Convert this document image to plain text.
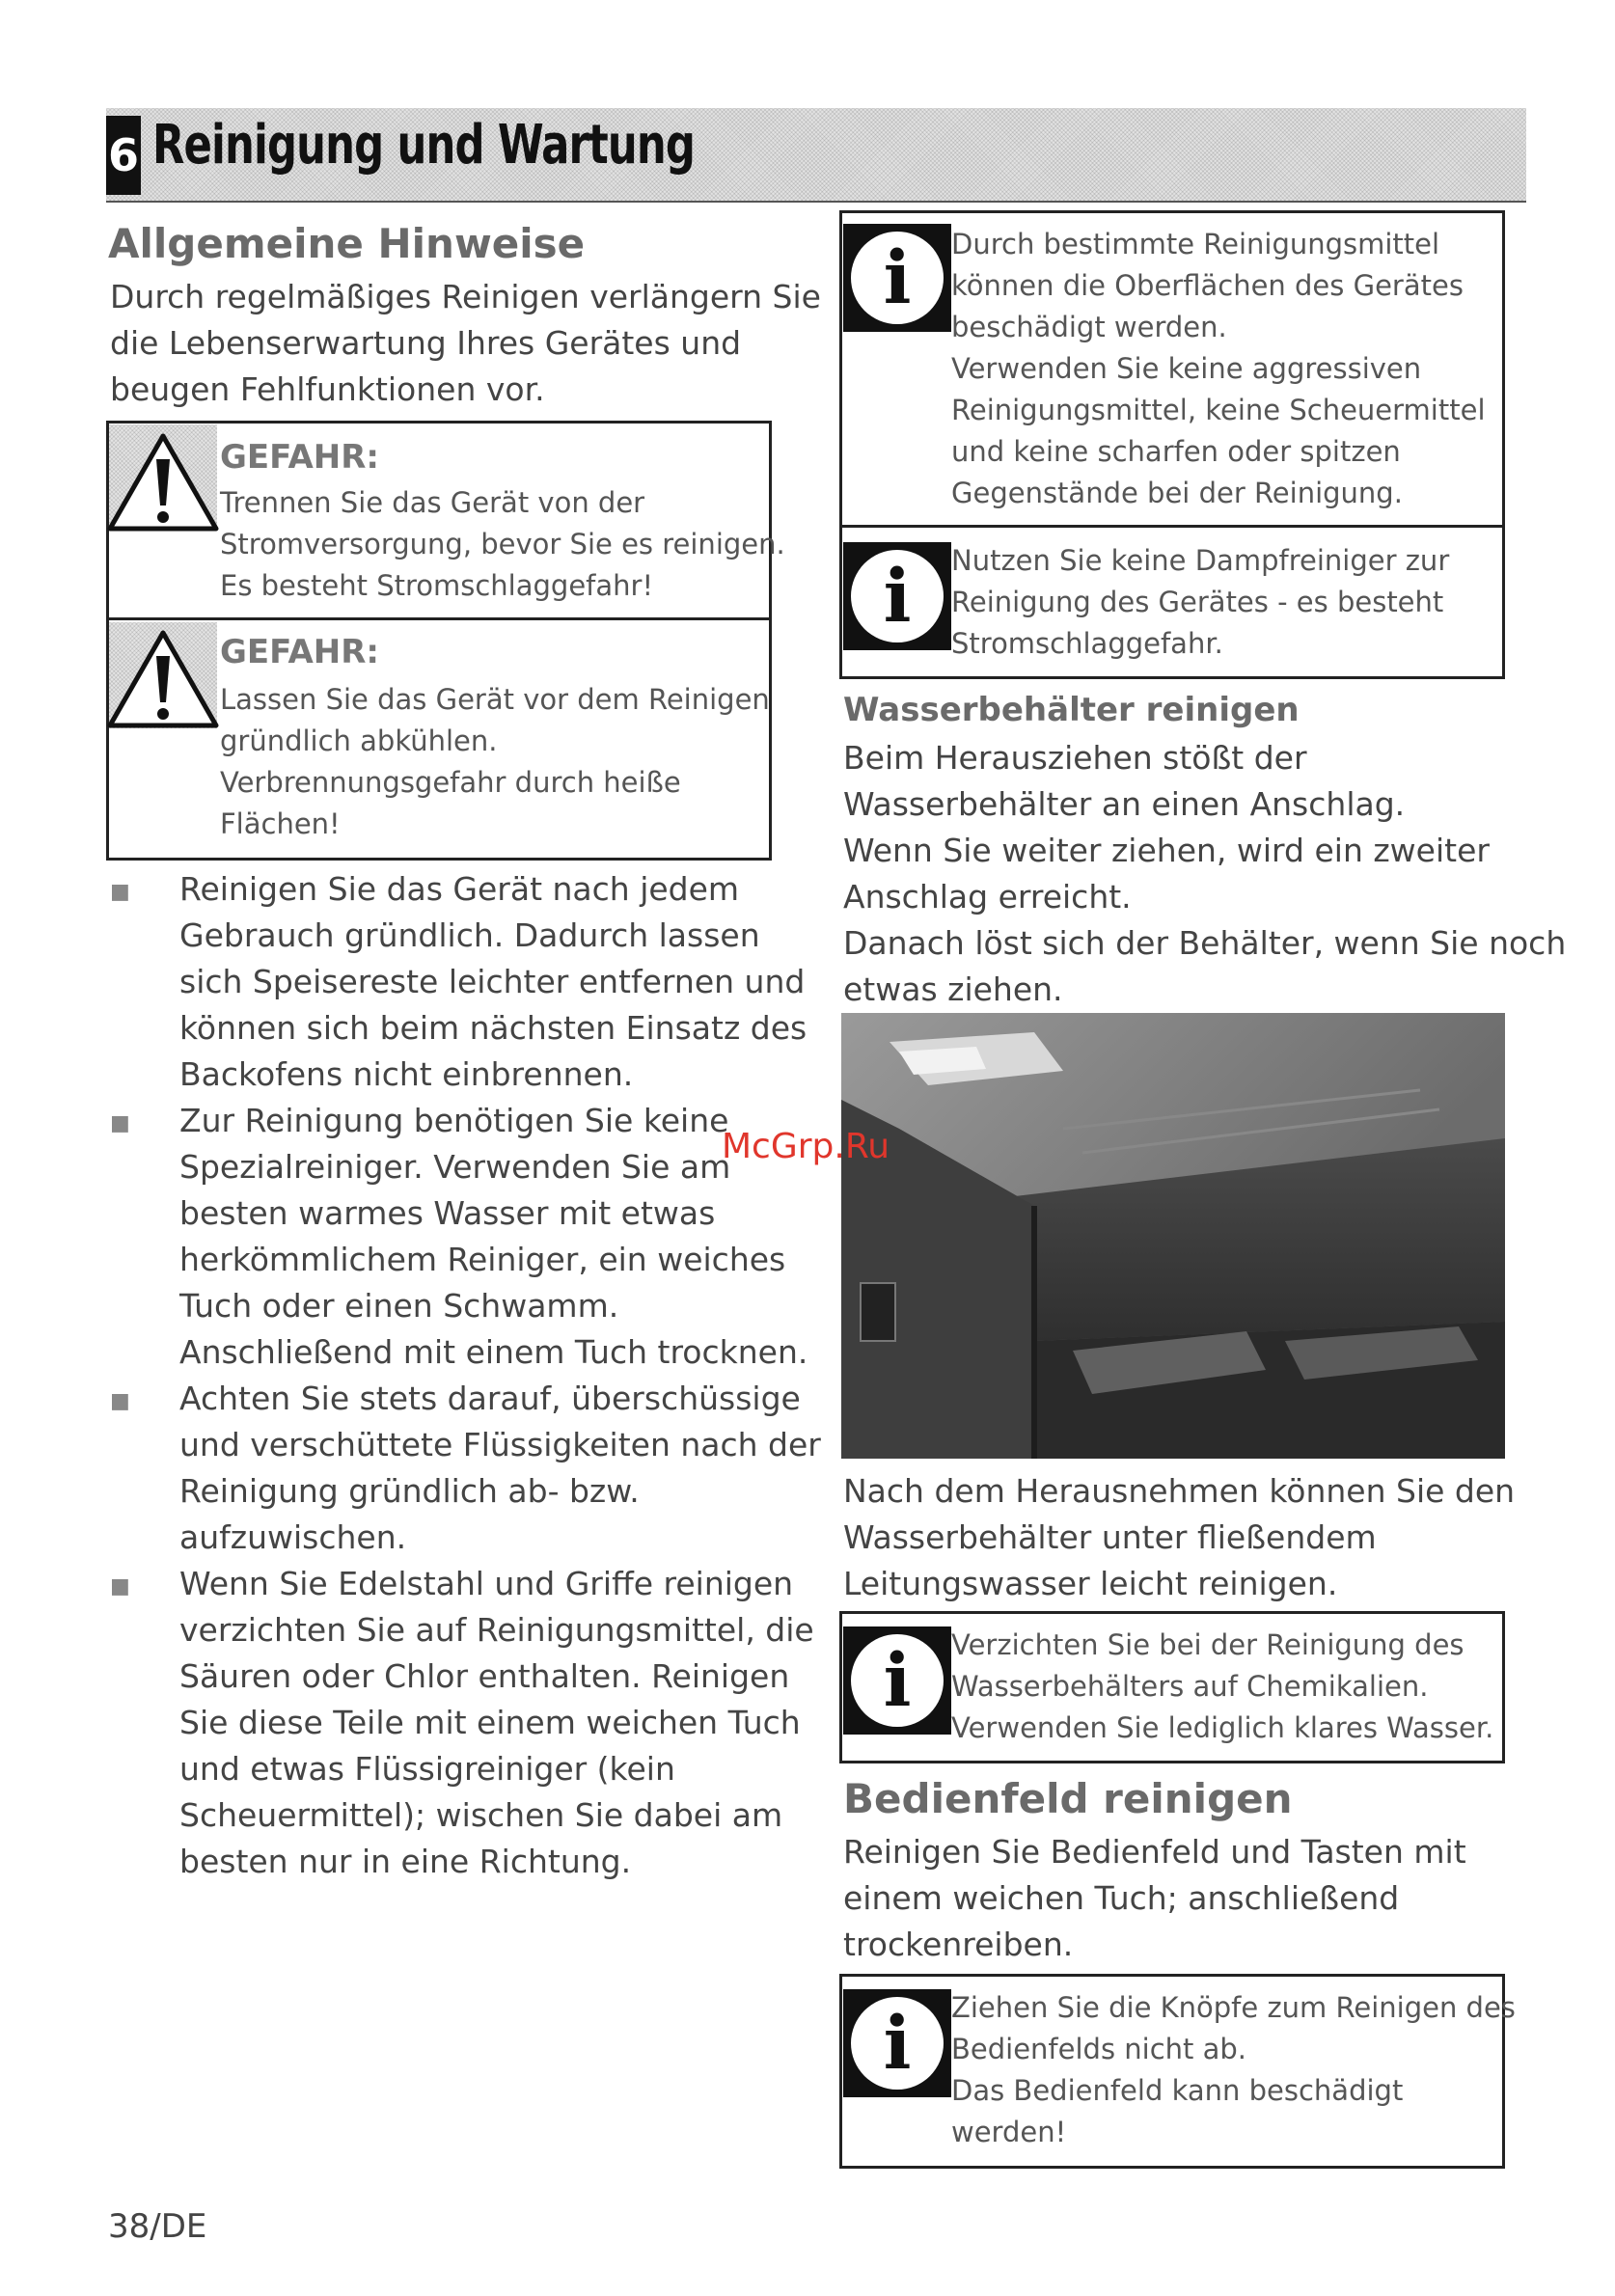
6 Reinigung und Wartung
Allgemeine Hinweise
Durch regelmäßiges Reinigen verlängern Sie
die Lebenserwartung Ihres Gerätes und
beugen Fehlfunktionen vor.
GEFAHR:
Trennen Sie das Gerät von der
Stromversorgung, bevor Sie es reinigen.
Es besteht Stromschlaggefahr!
GEFAHR:
Lassen Sie das Gerät vor dem Reinigen
gründlich abkühlen.
Verbrennungsgefahr durch heiße
Flächen!
■ Reinigen Sie das Gerät nach jedem
Gebrauch gründlich. Dadurch lassen
sich Speisereste leichter entfernen und
können sich beim nächsten Einsatz des
Backofens nicht einbrennen.
■ Zur Reinigung benötigen Sie keine
Spezialreiniger. Verwenden Sie am
besten warmes Wasser mit etwas
herkömmlichem Reiniger, ein weiches
Tuch oder einen Schwamm.
Anschließend mit einem Tuch trocknen.
■ Achten Sie stets darauf, überschüssige
und verschüttete Flüssigkeiten nach der
Reinigung gründlich ab- bzw.
aufzuwischen.
■ Wenn Sie Edelstahl und Griffe reinigen
verzichten Sie auf Reinigungsmittel, die
Säuren oder Chlor enthalten. Reinigen
Sie diese Teile mit einem weichen Tuch
und etwas Flüssigreiniger (kein
Scheuermittel); wischen Sie dabei am
besten nur in eine Richtung.
i	Durch bestimmte Reinigungsmittel
können die Oberflächen des Gerätes
beschädigt werden.
Verwenden Sie keine aggressiven
Reinigungsmittel, keine Scheuermittel
und keine scharfen oder spitzen
Gegenstände bei der Reinigung.
i	Nutzen Sie keine Dampfreiniger zur
Reinigung des Gerätes - es besteht
Stromschlaggefahr.
Wasserbehälter reinigen
Beim Herausziehen stößt der
Wasserbehälter an einen Anschlag.
Wenn Sie weiter ziehen, wird ein zweiter
Anschlag erreicht.
Danach löst sich der Behälter, wenn Sie noch
etwas ziehen.
McGrp.Ru
Nach dem Herausnehmen können Sie den
Wasserbehälter unter fließendem
Leitungswasser leicht reinigen.
i	Verzichten Sie bei der Reinigung des
Wasserbehälters auf Chemikalien.
Verwenden Sie lediglich klares Wasser.
Bedienfeld reinigen
Reinigen Sie Bedienfeld und Tasten mit
einem weichen Tuch; anschließend
trockenreiben.
i	Ziehen Sie die Knöpfe zum Reinigen des
Bedienfelds nicht ab.
Das Bedienfeld kann beschädigt
werden!
38/DE
